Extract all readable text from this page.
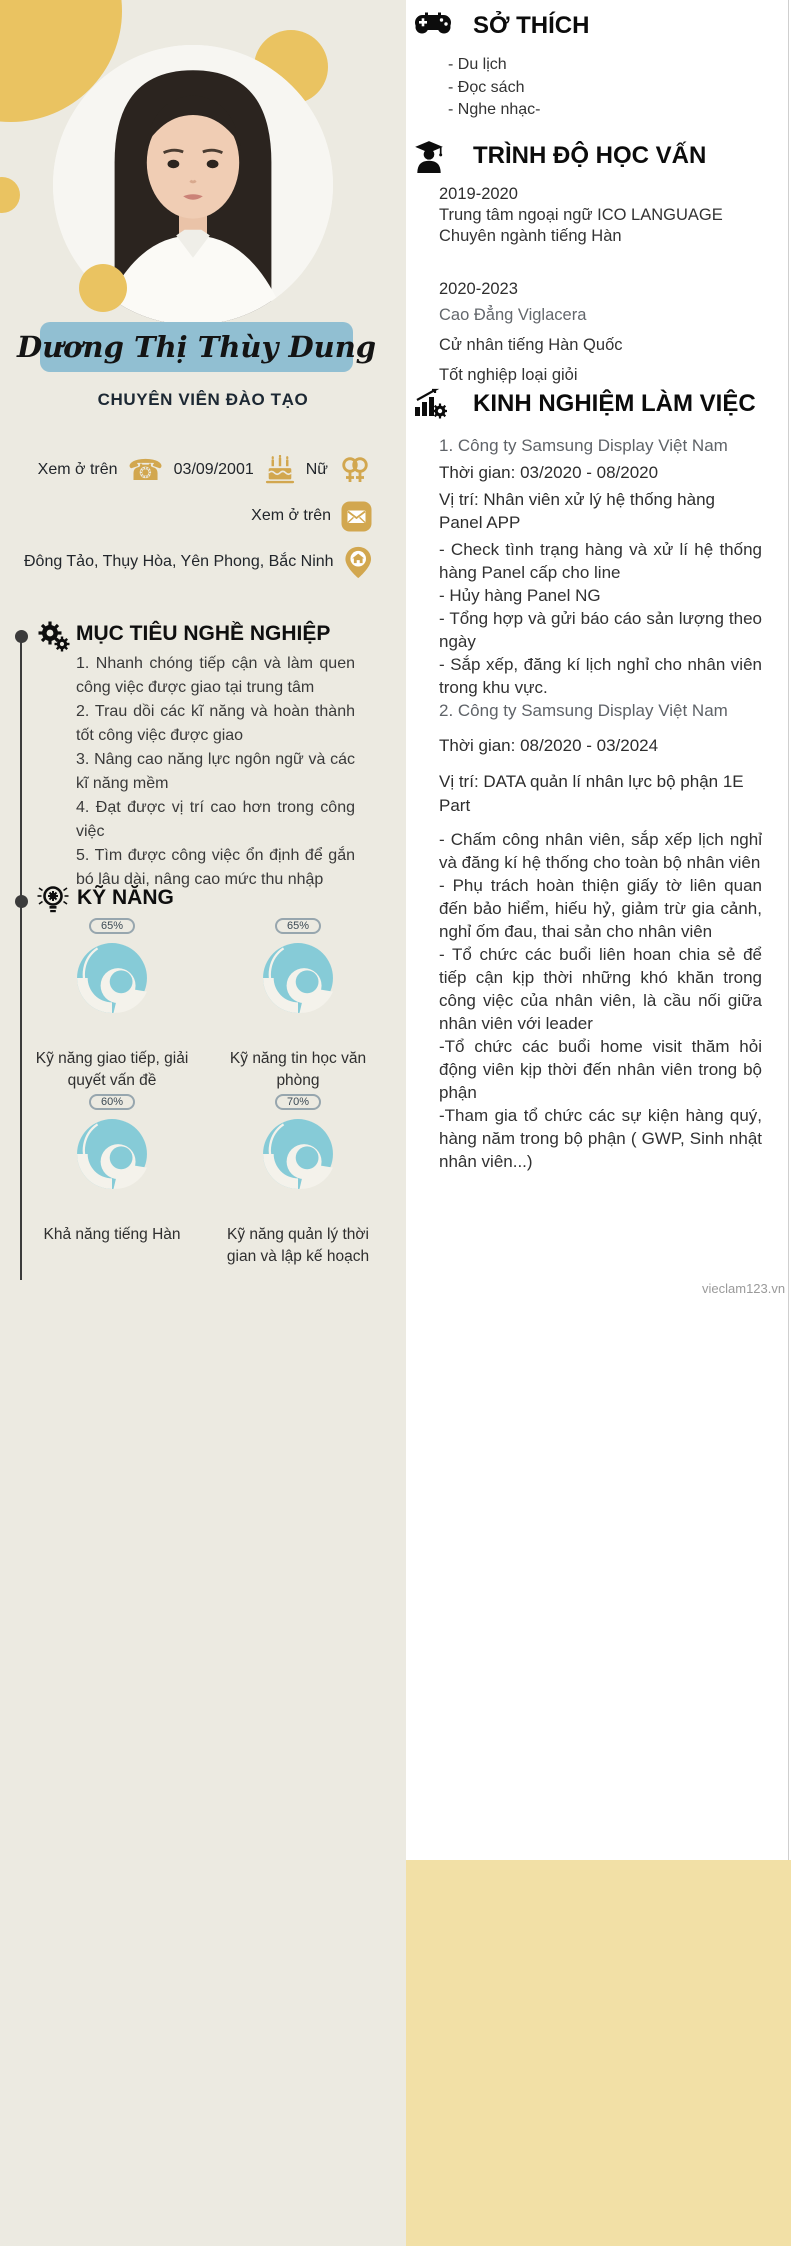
Dương Thị Thùy Dung
CHUYÊN VIÊN ĐÀO TẠO
Xem ở trên ☎ 03/09/2001	Nữ
Xem ở trên
Đông Tảo, Thụy Hòa, Yên Phong, Bắc Ninh
MỤC TIÊU NGHỀ NGHIỆP
1. Nhanh chóng tiếp cận và làm quen công việc được giao tại trung tâm
2. Trau dồi các kĩ năng và hoàn thành tốt công việc được giao
3. Nâng cao năng lực ngôn ngữ và các kĩ năng mềm
4. Đạt được vị trí cao hơn trong công việc
5. Tìm được công việc ổn định để gắn bó lâu dài, nâng cao mức thu nhập
KỸ NĂNG
65%
Kỹ năng giao tiếp, giải quyết vấn đề
65%
Kỹ năng tin học văn phòng
60%
Khả năng tiếng Hàn
70%
Kỹ năng quản lý thời gian và lập kế hoạch
SỞ THÍCH
- Du lịch
- Đọc sách
- Nghe nhạc-
TRÌNH ĐỘ HỌC VẤN
2019-2020
Trung tâm ngoại ngữ ICO LANGUAGE
Chuyên ngành tiếng Hàn
2020-2023
Cao Đẳng Viglacera
Cử nhân tiếng Hàn Quốc
Tốt nghiệp loại giỏi
KINH NGHIỆM LÀM VIỆC
1. Công ty Samsung Display Việt Nam
Thời gian: 03/2020 - 08/2020
Vị trí: Nhân viên xử lý hệ thống hàng Panel APP
- Check tình trạng hàng và xử lí hệ thống hàng Panel cấp cho line
- Hủy hàng Panel NG
- Tổng hợp và gửi báo cáo sản lượng theo ngày
- Sắp xếp, đăng kí lịch nghỉ cho nhân viên trong khu vực.
2. Công ty Samsung Display Việt Nam
Thời gian: 08/2020 - 03/2024
Vị trí: DATA quản lí nhân lực bộ phận 1E Part
- Chấm công nhân viên, sắp xếp lịch nghỉ và đăng kí hệ thống cho toàn bộ nhân viên
- Phụ trách hoàn thiện giấy tờ liên quan đến bảo hiểm, hiếu hỷ, giảm trừ gia cảnh, nghỉ ốm đau, thai sản cho nhân viên
- Tổ chức các buổi liên hoan chia sẻ để tiếp cận kịp thời những khó khăn trong công việc của nhân viên, là cầu nối giữa nhân viên với leader
-Tổ chức các buổi home visit thăm hỏi động viên kịp thời đến nhân viên trong bộ phận
-Tham gia tổ chức các sự kiện hàng quý, hàng năm trong bộ phận ( GWP, Sinh nhật nhân viên...)
vieclam123.vn
